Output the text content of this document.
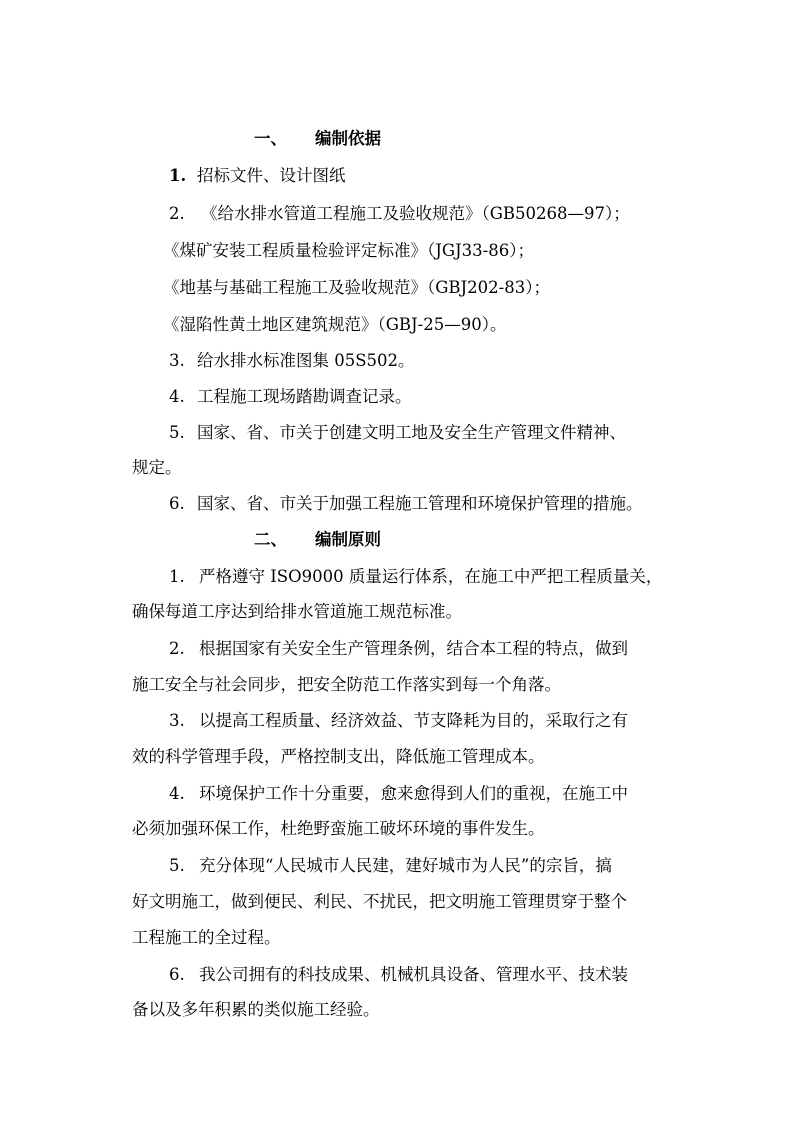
一、 编制依据
1. 招标文件、设计图纸
2. 《给水排水管道工程施工及验收规范》（GB50268—97）；
《煤矿安装工程质量检验评定标准》（JGJ33-86）；
《地基与基础工程施工及验收规范》（GBJ202-83）；
《湿陷性黄土地区建筑规范》（GBJ-25—90）。
3. 给水排水标准图集 05S502。
4. 工程施工现场踏勘调查记录。
5. 国家、省、市关于创建文明工地及安全生产管理文件精神、
规定。
6. 国家、省、市关于加强工程施工管理和环境保护管理的措施。
二、 编制原则
1. 严格遵守 ISO9000 质量运行体系，在施工中严把工程质量关，
确保每道工序达到给排水管道施工规范标准。
2. 根据国家有关安全生产管理条例，结合本工程的特点，做到
施工安全与社会同步，把安全防范工作落实到每一个角落。
3. 以提高工程质量、经济效益、节支降耗为目的，采取行之有
效的科学管理手段，严格控制支出，降低施工管理成本。
4. 环境保护工作十分重要，愈来愈得到人们的重视，在施工中
必须加强环保工作，杜绝野蛮施工破坏环境的事件发生。
5. 充分体现“人民城市人民建，建好城市为人民”的宗旨，搞
好文明施工，做到便民、利民、不扰民，把文明施工管理贯穿于整个
工程施工的全过程。
6. 我公司拥有的科技成果、机械机具设备、管理水平、技术装
备以及多年积累的类似施工经验。
